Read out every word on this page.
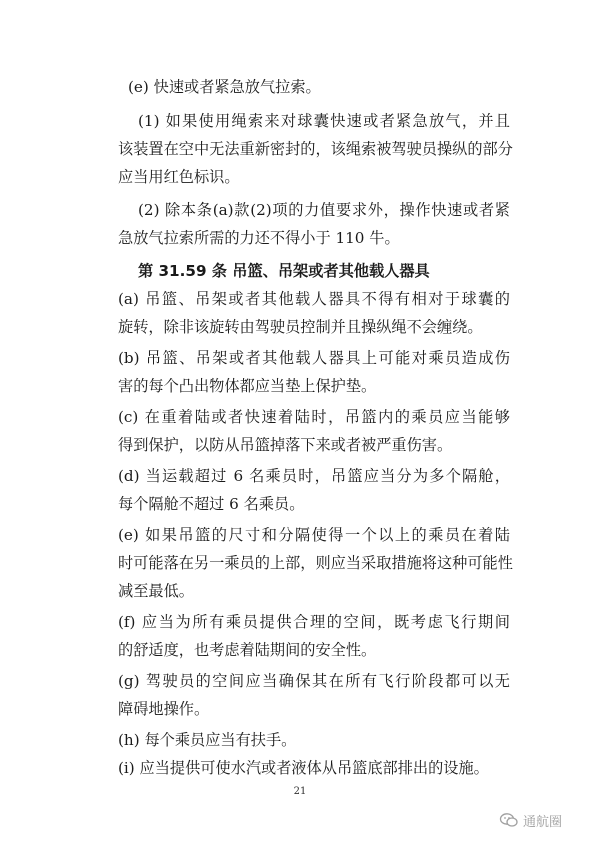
(e) 快速或者紧急放气拉索。
(1) 如果使用绳索来对球囊快速或者紧急放气，并且
该装置在空中无法重新密封的，该绳索被驾驶员操纵的部分
应当用红色标识。
(2) 除本条(a)款(2)项的力值要求外，操作快速或者紧
急放气拉索所需的力还不得小于 110 牛。
第 31.59 条 吊篮、吊架或者其他载人器具
(a) 吊篮、吊架或者其他载人器具不得有相对于球囊的
旋转，除非该旋转由驾驶员控制并且操纵绳不会缠绕。
(b) 吊篮、吊架或者其他载人器具上可能对乘员造成伤
害的每个凸出物体都应当垫上保护垫。
(c) 在重着陆或者快速着陆时，吊篮内的乘员应当能够
得到保护，以防从吊篮掉落下来或者被严重伤害。
(d) 当运载超过 6 名乘员时，吊篮应当分为多个隔舱，
每个隔舱不超过 6 名乘员。
(e) 如果吊篮的尺寸和分隔使得一个以上的乘员在着陆
时可能落在另一乘员的上部，则应当采取措施将这种可能性
减至最低。
(f) 应当为所有乘员提供合理的空间，既考虑飞行期间
的舒适度，也考虑着陆期间的安全性。
(g) 驾驶员的空间应当确保其在所有飞行阶段都可以无
障碍地操作。
(h) 每个乘员应当有扶手。
(i) 应当提供可使水汽或者液体从吊篮底部排出的设施。
21
通航圈
